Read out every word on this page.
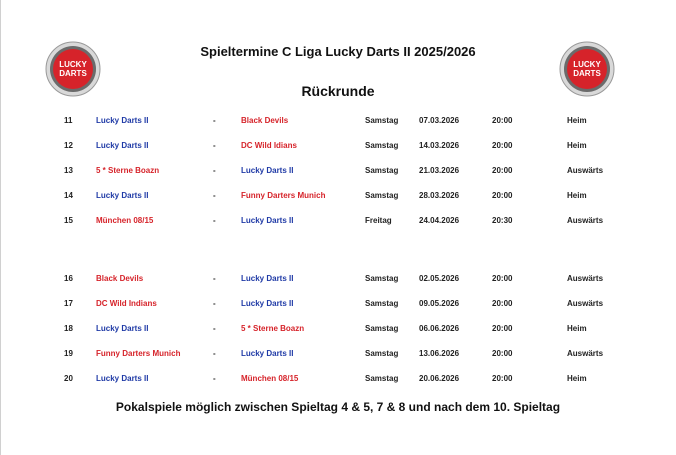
LUCKY
DARTS
LUCKY
DARTS
Spieltermine C Liga Lucky Darts II 2025/2026
Rückrunde
11	Lucky Darts II	-	Black Devils	Samstag	07.03.2026	20:00	Heim
12	Lucky Darts II	-	DC Wild Idians	Samstag	14.03.2026	20:00	Heim
13	5 * Sterne Boazn	-	Lucky Darts II	Samstag	21.03.2026	20:00	Auswärts
14	Lucky Darts II	-	Funny Darters Munich	Samstag	28.03.2026	20:00	Heim
15	München 08/15	-	Lucky Darts II	Freitag	24.04.2026	20:30	Auswärts
16	Black Devils	-	Lucky Darts II	Samstag	02.05.2026	20:00	Auswärts
17	DC Wild Indians	-	Lucky Darts II	Samstag	09.05.2026	20:00	Auswärts
18	Lucky Darts II	-	5 * Sterne Boazn	Samstag	06.06.2026	20:00	Heim
19	Funny Darters Munich	-	Lucky Darts II	Samstag	13.06.2026	20:00	Auswärts
20	Lucky Darts II	-	München 08/15	Samstag	20.06.2026	20:00	Heim
Pokalspiele möglich zwischen Spieltag 4 & 5, 7 & 8 und nach dem 10. Spieltag
